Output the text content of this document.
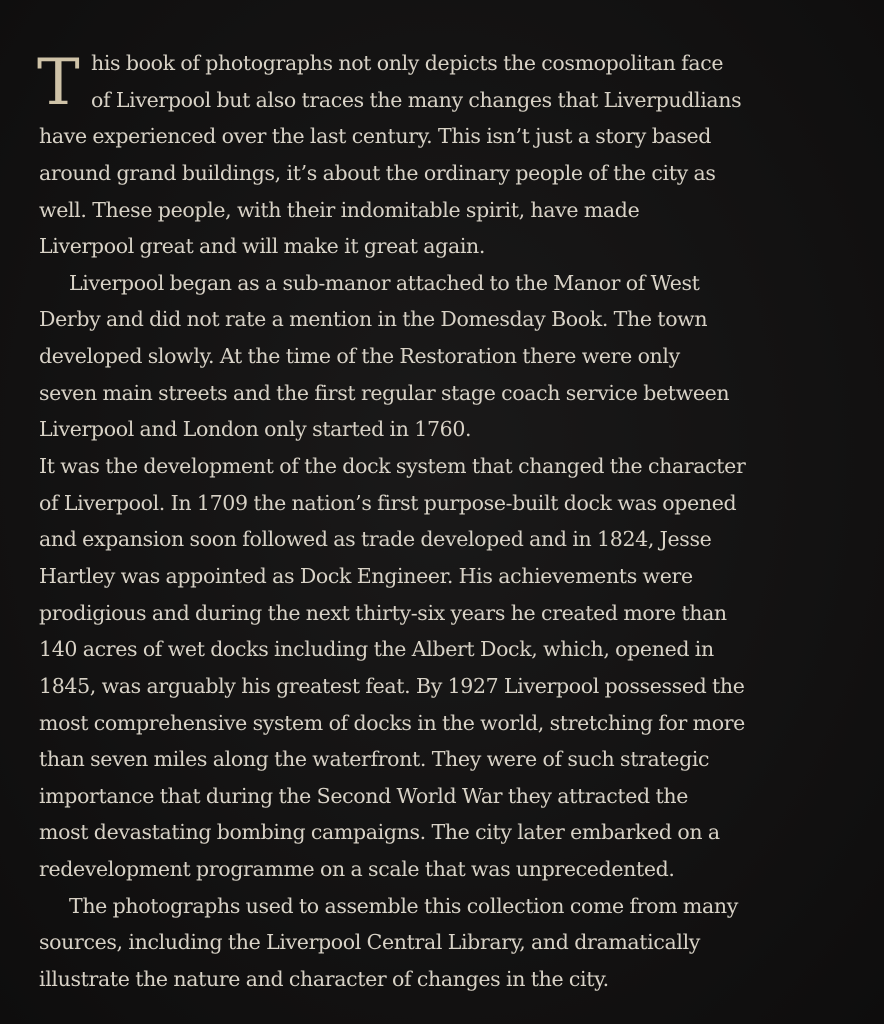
T his book of photographs not only depicts the cosmopolitan face
of Liverpool but also traces the many changes that Liverpudlians
have experienced over the last century. This isn’t just a story based
around grand buildings, it’s about the ordinary people of the city as
well. These people, with their indomitable spirit, have made
Liverpool great and will make it great again.
Liverpool began as a sub-manor attached to the Manor of West
Derby and did not rate a mention in the Domesday Book. The town
developed slowly. At the time of the Restoration there were only
seven main streets and the first regular stage coach service between
Liverpool and London only started in 1760.
It was the development of the dock system that changed the character
of Liverpool. In 1709 the nation’s first purpose-built dock was opened
and expansion soon followed as trade developed and in 1824, Jesse
Hartley was appointed as Dock Engineer. His achievements were
prodigious and during the next thirty-six years he created more than
140 acres of wet docks including the Albert Dock, which, opened in
1845, was arguably his greatest feat. By 1927 Liverpool possessed the
most comprehensive system of docks in the world, stretching for more
than seven miles along the waterfront. They were of such strategic
importance that during the Second World War they attracted the
most devastating bombing campaigns. The city later embarked on a
redevelopment programme on a scale that was unprecedented.
The photographs used to assemble this collection come from many
sources, including the Liverpool Central Library, and dramatically
illustrate the nature and character of changes in the city.
